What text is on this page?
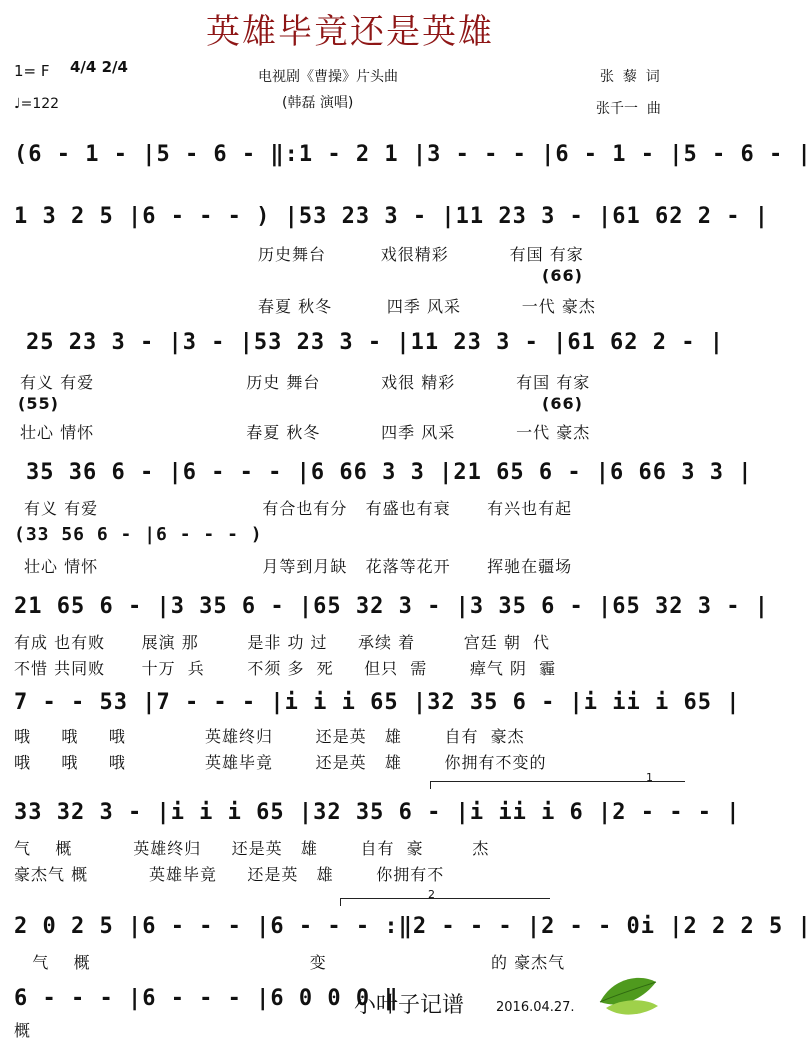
英雄毕竟还是英雄
1= F 4/4 2/4
♩=122
电视剧《曹操》片头曲
(韩磊 演唱)
张  藜  词
张千一  曲
(6 - 1 - |5 - 6 - ‖:1 - 2 1 |3 - - - |6 - 1 - |5 - 6 - |
1 3 2 5 |6 - - - ) |53 23 3 - |11 23 3 - |61 62 2 - |
历史舞台         戏很精彩          有国 有家
(66)
春夏 秋冬         四季 风采          一代 豪杰
25 23 3 - |3 - |53 23 3 - |11 23 3 - |61 62 2 - |
有义 有爱                         历史 舞台          戏很 精彩          有国 有家
(55)	(66)
壮心 情怀                         春夏 秋冬          四季 风采          一代 豪杰
35 36 6 - |6 - - - |6 66 3 3 |21 65 6 - |6 66 3 3 |
有义 有爱                           有合也有分   有盛也有衰      有兴也有起
(33 56 6 - |6 - - - )
壮心 情怀                           月等到月缺   花落等花开      挥驰在疆场
21 65 6 - |3 35 6 - |65 32 3 - |3 35 6 - |65 32 3 - |
有成 也有败      展演 那        是非 功 过     承续 着        宫廷 朝  代
不惜 共同败      十万  兵       不须 多  死     但只  需       瘴气 阴  霾
7 - - 53 |7 - - - |i i i 65 |32 35 6 - |i ii i 65 |
哦     哦     哦             英雄终归       还是英   雄       自有  豪杰
哦     哦     哦             英雄毕竟       还是英   雄       你拥有不变的
1
33 32 3 - |i i i 65 |32 35 6 - |i ii i 6 |2 - - - |
气    概          英雄终归     还是英   雄       自有  豪        杰
豪杰气 概          英雄毕竟     还是英   雄       你拥有不
2
2 0 2 5 |6 - - - |6 - - - :‖2 - - - |2 - - 0i |2 2 2 5 |
气    概                                    变                           的 豪杰气
6 - - - |6 - - - |6 0 0 0 ‖
概
小叶子记谱 2016.04.27.
